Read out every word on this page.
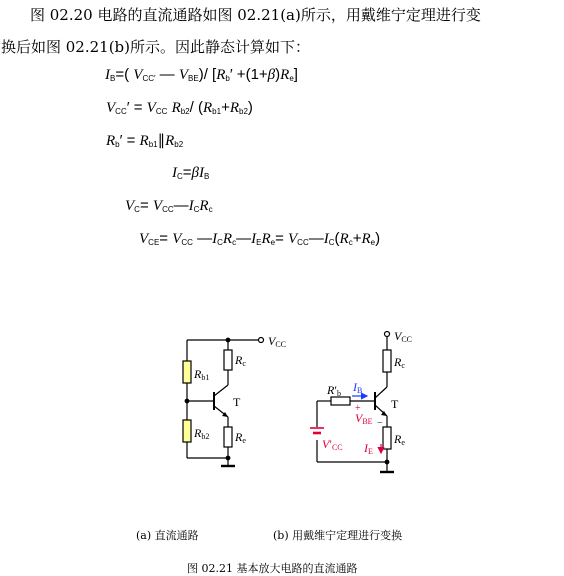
图 02.20 电路的直流通路如图 02.21(a)所示，用戴维宁定理进行变
换后如图 02.21(b)所示。因此静态计算如下：
$I_B=$( $V_{CC'}$ — $V_{BE})/$ $[R_b' +(1+\beta)R_e]$
$V_{CC}' = V_{CC}$ $R_{b2}/$ $(R_{b1}+R_{b2})$
$R_b'$ = $R_{b1}\parallel R_{b2}$
$I_C=\beta I_B$
$V_C=$ $V_{CC}—I_CR_c$
$V_{CE}= V_{CC}$ $—I_CR_c—I_ER_e=$ $V_{CC}—I_C(R_c+R_e)$
VCC
Rb1
Rb2
Rc
Re
T
VCC
Rc
Re
T
R′b IB
+
VBE −
V′CC IE
(a) 直流通路	(b) 用戴维宁定理进行变换
图 02.21 基本放大电路的直流通路
